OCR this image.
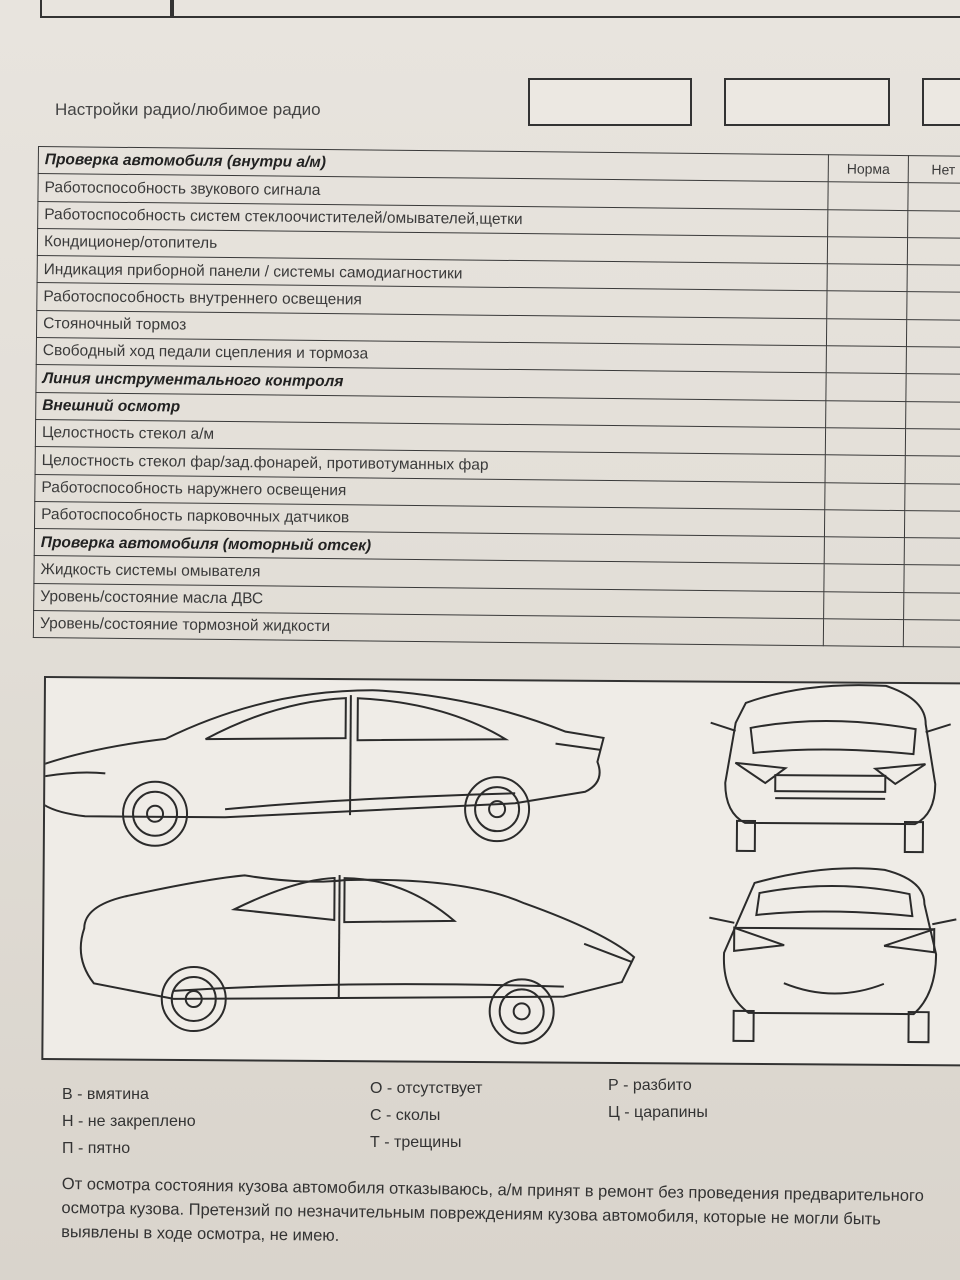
Настройки радио/любимое радио
Проверка автомобиля (внутри а/м)	Норма	Нет
Работоспособность звукового сигнала		
Работоспособность систем стеклоочистителей/омывателей,щетки		
Кондиционер/отопитель		
Индикация приборной панели / системы самодиагностики		
Работоспособность внутреннего освещения		
Стояночный тормоз		
Свободный ход педали сцепления и тормоза		
Линия инструментального контроля		
Внешний осмотр		
Целостность стекол а/м		
Целостность стекол фар/зад.фонарей, противотуманных фар		
Работоспособность наружнего освещения		
Работоспособность парковочных датчиков		
Проверка автомобиля (моторный отсек)		
Жидкость системы омывателя		
Уровень/состояние масла ДВС		
Уровень/состояние тормозной жидкости		
В - вмятина
Н - не закреплено
П - пятно
О - отсутствует
С - сколы
Т - трещины
Р - разбито
Ц - царапины
От осмотра состояния кузова автомобиля отказываюсь, а/м принят в ремонт без проведения предварительного осмотра кузова. Претензий по незначительным повреждениям кузова автомобиля, которые не могли быть выявлены в ходе осмотра, не имею.
